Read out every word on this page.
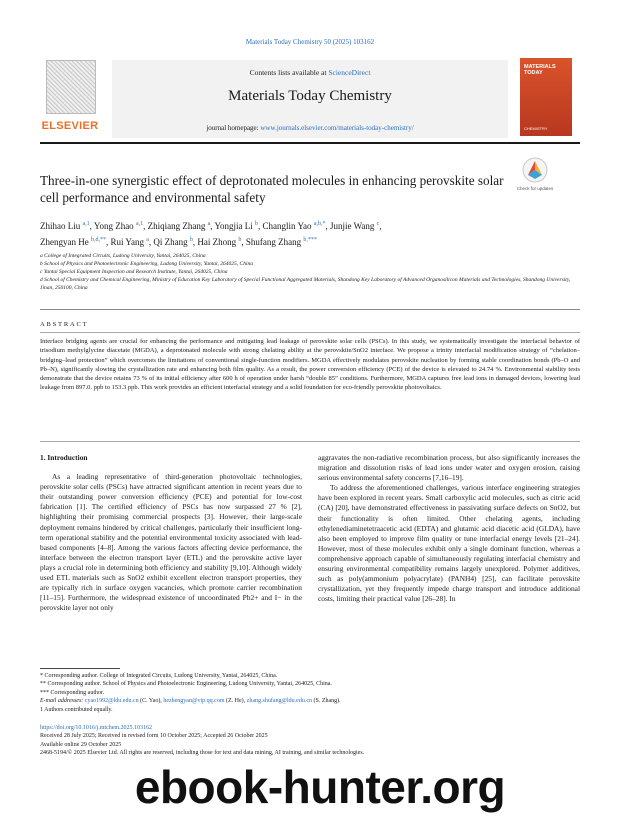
Materials Today Chemistry 50 (2025) 103162
ELSEVIER
Contents lists available at ScienceDirect
Materials Today Chemistry
journal homepage: www.journals.elsevier.com/materials-today-chemistry/
MATERIALS TODAY
CHEMISTRY
Three-in-one synergistic effect of deprotonated molecules in enhancing perovskite solar cell performance and environmental safety
Check for updates
Zhihao Liu $^{a,1}$, Yong Zhao $^{a,1}$, Zhiqiang Zhang $^a$, Yongjia Li $^b$, Changlin Yao $^{a,b,*}$, Junjie Wang $^c$,
Zhengyan He $^{b,d,**}$, Rui Yang $^a$, Qi Zhang $^b$, Hai Zhong $^b$, Shufang Zhang $^{b,***}$
a College of Integrated Circuits, Ludong University, Yantai, 264025, China
b School of Physics and Photoelectronic Engineering, Ludong University, Yantai, 264025, China
c Yantai Special Equipment Inspection and Research Institute, Yantai, 264025, China
d School of Chemistry and Chemical Engineering, Ministry of Education Key Laboratory of Special Functional Aggregated Materials, Shandong Key Laboratory of Advanced Organosilicon Materials and Technologies, Shandong University, Jinan, 250100, China
ABSTRACT
Interface bridging agents are crucial for enhancing the performance and mitigating lead leakage of perovskite solar cells (PSCs). In this study, we systematically investigate the interfacial behavior of trisodium methylglycine diacetate (MGDA), a deprotonated molecule with strong chelating ability at the perovskite/SnO2 interface. We propose a trinity interfacial modification strategy of “chelation–bridging–lead protection” which overcomes the limitations of conventional single-function modifiers. MGDA effectively modulates perovskite nucleation by forming stable coordination bonds (Pb–O and Pb–N), significantly slowing the crystallization rate and enhancing both film quality. As a result, the power conversion efficiency (PCE) of the device is elevated to 24.74 %. Environmental stability tests demonstrate that the device retains 73 % of its initial efficiency after 600 h of operation under harsh “double 85” conditions. Furthermore, MGDA captures free lead ions in damaged devices, lowering lead leakage from 897.0. ppb to 153.3 ppb. This work provides an efficient interfacial strategy and a solid foundation for eco-friendly perovskite photovoltaics.
1. Introduction

As a leading representative of third-generation photovoltaic technologies, perovskite solar cells (PSCs) have attracted significant attention in recent years due to their outstanding power conversion efficiency (PCE) and potential for low-cost fabrication [1]. The certified efficiency of PSCs has now surpassed 27 % [2], highlighting their promising commercial prospects [3]. However, their large-scale deployment remains hindered by critical challenges, particularly their insufficient long-term operational stability and the potential environmental toxicity associated with lead-based components [4–8]. Among the various factors affecting device performance, the interface between the electron transport layer (ETL) and the perovskite active layer plays a crucial role in determining both efficiency and stability [9,10]. Although widely used ETL materials such as SnO2 exhibit excellent electron transport properties, they are typically rich in surface oxygen vacancies, which promote carrier recombination [11–15]. Furthermore, the widespread existence of uncoordinated Pb2+ and I− in the perovskite layer not only

aggravates the non-radiative recombination process, but also significantly increases the migration and dissolution risks of lead ions under water and oxygen erosion, raising serious environmental safety concerns [7,16–19].

To address the aforementioned challenges, various interface engineering strategies have been explored in recent years. Small carboxylic acid molecules, such as citric acid (CA) [20], have demonstrated effectiveness in passivating surface defects on SnO2, but their functionality is often limited. Other chelating agents, including ethylenediaminetetraacetic acid (EDTA) and glutamic acid diacetic acid (GLDA), have also been employed to improve film quality or tune interfacial energy levels [21–24]. However, most of these molecules exhibit only a single dominant function, whereas a comprehensive approach capable of simultaneously regulating interfacial chemistry and ensuring environmental compatibility remains largely unexplored. Polymer additives, such as poly(ammonium polyacrylate) (PANH4) [25], can facilitate perovskite crystallization, yet they frequently impede charge transport and introduce additional costs, limiting their practical value [26–28]. In

* Corresponding author. College of Integrated Circuits, Ludong University, Yantai, 264025, China.
** Corresponding author. School of Physics and Photoelectronic Engineering, Ludong University, Yantai, 264025, China.
*** Corresponding author.
E-mail addresses: cyao1992@ldu.edu.cn (C. Yao), hezhengyan@vip.qq.com (Z. He), zhang.shufang@ldu.edu.cn (S. Zhang).
1 Authors contributed equally.
https://doi.org/10.1016/j.mtchem.2025.103162
Received 28 July 2025; Received in revised form 10 October 2025; Accepted 26 October 2025
Available online 29 October 2025
2468-5194/© 2025 Elsevier Ltd. All rights are reserved, including those for text and data mining, AI training, and similar technologies.
ebook-hunter.org
